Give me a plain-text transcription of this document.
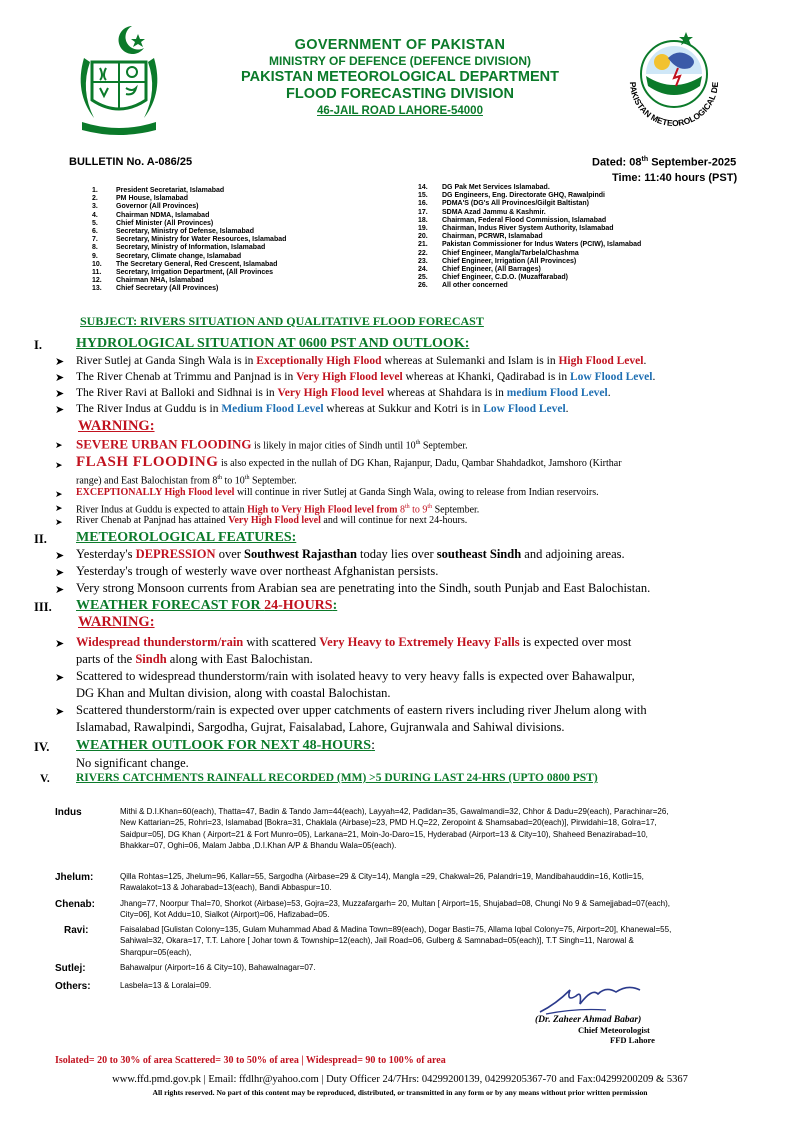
GOVERNMENT OF PAKISTAN
MINISTRY OF DEFENCE (DEFENCE DIVISION)
PAKISTAN METEOROLOGICAL DEPARTMENT
FLOOD FORECASTING DIVISION
46-JAIL ROAD LAHORE-54000
PAKISTAN METEOROLOGICAL DE
BULLETIN No. A-086/25	Dated: 08th September-2025
Time: 11:40 hours (PST)
1.	President Secretariat, Islamabad
2.	PM House, Islamabad
3.	Governor (All Provinces)
4.	Chairman NDMA, Islamabad
5.	Chief Minister (All Provinces)
6.	Secretary, Ministry of Defense, Islamabad
7.	Secretary, Ministry for Water Resources, Islamabad
8.	Secretary, Ministry of Information, Islamabad
9.	Secretary, Climate change, Islamabad
10.	The Secretary General, Red Crescent, Islamabad
11.	Secretary, Irrigation Department, (All Provinces
12.	Chairman NHA, Islamabad
13.	Chief Secretary (All Provinces)
14.	DG Pak Met Services Islamabad.
15.	DG Engineers, Eng. Directorate GHQ, Rawalpindi
16.	PDMA'S (DG's All Provinces/Gilgit Baltistan)
17.	SDMA Azad Jammu & Kashmir.
18.	Chairman, Federal Flood Commission, Islamabad
19.	Chairman, Indus River System Authority, Islamabad
20.	Chairman, PCRWR, Islamabad
21.	Pakistan Commissioner for Indus Waters (PCIW), Islamabad
22.	Chief Engineer, Mangla/Tarbela/Chashma
23.	Chief Engineer, Irrigation (All Provinces)
24.	Chief Engineer, (All Barrages)
25.	Chief Engineer, C.D.O. (Muzaffarabad)
26.	All other concerned
SUBJECT: RIVERS SITUATION AND QUALITATIVE FLOOD FORECAST
I. HYDROLOGICAL SITUATION AT 0600 PST AND OUTLOOK:
➤ River Sutlej at Ganda Singh Wala is in Exceptionally High Flood whereas at Sulemanki and Islam is in High Flood Level.
➤ The River Chenab at Trimmu and Panjnad is in Very High Flood level whereas at Khanki, Qadirabad is in Low Flood Level.
➤ The River Ravi at Balloki and Sidhnai is in Very High Flood level whereas at Shahdara is in medium Flood Level.
➤ The River Indus at Guddu is in Medium Flood Level whereas at Sukkur and Kotri is in Low Flood Level.
WARNING:
➤ SEVERE URBAN FLOODING is likely in major cities of Sindh until 10th September.
➤ FLASH FLOODING is also expected in the nullah of DG Khan, Rajanpur, Dadu, Qambar Shahdadkot, Jamshoro (Kirthar
range) and East Balochistan from 8th to 10th September.
➤ EXCEPTIONALLY High Flood level will continue in river Sutlej at Ganda Singh Wala, owing to release from Indian reservoirs.
➤ River Indus at Guddu is expected to attain High to Very High Flood level from 8th to 9th September.
➤ River Chenab at Panjnad has attained Very High Flood level and will continue for next 24-hours.
II. METEOROLOGICAL FEATURES:
➤ Yesterday's DEPRESSION over Southwest Rajasthan today lies over southeast Sindh and adjoining areas.
➤ Yesterday's trough of westerly wave over northeast Afghanistan persists.
➤ Very strong Monsoon currents from Arabian sea are penetrating into the Sindh, south Punjab and East Balochistan.
III. WEATHER FORECAST FOR 24-HOURS:
WARNING:
➤ Widespread thunderstorm/rain with scattered Very Heavy to Extremely Heavy Falls is expected over most
parts of the Sindh along with East Balochistan.
➤ Scattered to widespread thunderstorm/rain with isolated heavy to very heavy falls is expected over Bahawalpur,
DG Khan and Multan division, along with coastal Balochistan.
➤ Scattered thunderstorm/rain is expected over upper catchments of eastern rivers including river Jhelum along with
Islamabad, Rawalpindi, Sargodha, Gujrat, Faisalabad, Lahore, Gujranwala and Sahiwal divisions.
IV. WEATHER OUTLOOK FOR NEXT 48-HOURS:
No significant change.
V. RIVERS CATCHMENTS RAINFALL RECORDED (MM) >5 DURING LAST 24-HRS (UPTO 0800 PST)
Indus	Mithi & D.I.Khan=60(each), Thatta=47, Badin & Tando Jam=44(each), Layyah=42, Padidan=35, Gawalmandi=32, Chhor & Dadu=29(each), Parachinar=26, New Kattarian=25, Rohri=23, Islamabad [Bokra=31, Chaklala (Airbase)=23, PMD H.Q=22, Zeropoint & Shamsabad=20(each)], Pirwidahi=18, Golra=17, Saidpur=05], DG Khan ( Airport=21 & Fort Munro=05), Larkana=21, Moin-Jo-Daro=15, Hyderabad (Airport=13 & City=10), Shaheed Benazirabad=10, Bhakkar=07, Oghi=06, Malam Jabba ,D.I.Khan A/P & Bhandu Wala=05(each).
Jhelum:	Qilla Rohtas=125, Jhelum=96, Kallar=55, Sargodha (Airbase=29 & City=14), Mangla =29, Chakwal=26, Palandri=19, Mandibahauddin=16, Kotli=15, Rawalakot=13 & Joharabad=13(each), Bandi Abbaspur=10.
Chenab:	Jhang=77, Noorpur Thal=70, Shorkot (Airbase)=53, Gojra=23, Muzzafargarh= 20, Multan [ Airport=15, Shujabad=08, Chungi No 9 & Samejjabad=07(each), City=06], Kot Addu=10, Sialkot (Airport)=06, Hafizabad=05.
Ravi:	Faisalabad [Gulistan Colony=135, Gulam Muhammad Abad & Madina Town=89(each), Dogar Basti=75, Allama Iqbal Colony=75, Airport=20], Khanewal=55, Sahiwal=32, Okara=17, T.T. Lahore [ Johar town & Township=12(each), Jail Road=06, Gulberg & Samnabad=05(each)], T.T Singh=11, Narowal & Sharqpur=05(each),
Sutlej:	Bahawalpur (Airport=16 & City=10), Bahawalnagar=07.
Others:	Lasbela=13 & Loralai=09.
(Dr. Zaheer Ahmad Babar)
Chief Meteorologist
FFD Lahore
Isolated= 20 to 30% of area Scattered= 30 to 50% of area | Widespread= 90 to 100% of area
www.ffd.pmd.gov.pk | Email: ffdlhr@yahoo.com | Duty Officer 24/7Hrs: 04299200139, 04299205367-70 and Fax:04299200209 & 5367
All rights reserved. No part of this content may be reproduced, distributed, or transmitted in any form or by any means without prior written permission
